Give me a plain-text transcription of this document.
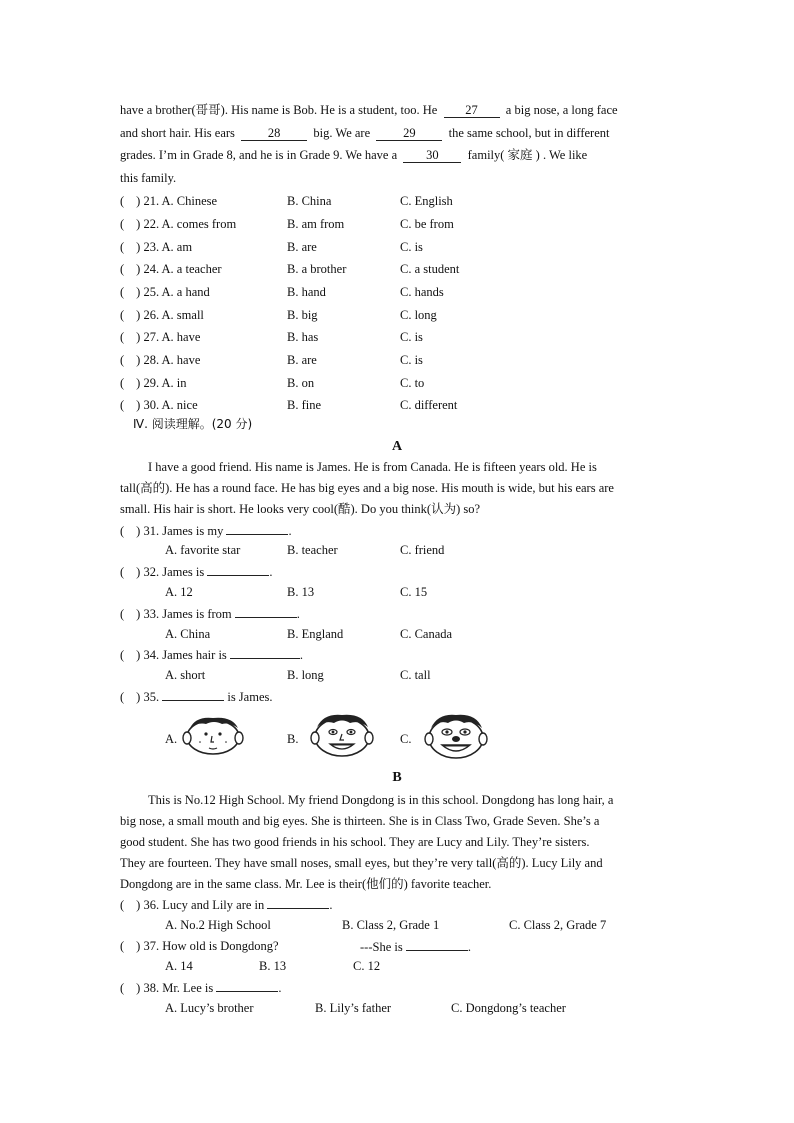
have a brother(哥哥). His name is Bob. He is a student, too. He 27 a big nose, a long face

and short hair. His ears	28	big. We are	29	the same school, but in different

grades. I’m in Grade 8, and he is in Grade 9. We have a 30 family( 家庭 ) . We like

this family.

( ) 21. A. Chinese	B. China	C. English
( ) 22. A. comes from	B. am from	C. be from
( ) 23. A. am	B. are	C. is
( ) 24. A. a teacher	B. a brother	C. a student
( ) 25. A. a hand	B. hand	C. hands
( ) 26. A. small	B. big	C. long
( ) 27. A. have	B. has	C. is
( ) 28. A. have	B. are	C. is
( ) 29. A. in	B. on	C. to
( ) 30. A. nice	B. fine	C. different
Ⅳ. 阅读理解。(20 分)
A

I have a good friend. His name is James. He is from Canada. He is fifteen years old. He is

tall(高的). He has a round face. He has big eyes and a big nose. His mouth is wide, but his ears are

small. His hair is short. He looks very cool(酷). Do you think(认为) so?

( ) 31. James is my	.
A. favorite star	B. teacher	C. friend
( ) 32. James is	.
A. 12	B. 13	C. 15
( ) 33. James is from	.
A. China	B. England	C. Canada
( ) 34. James hair is	.
A. short	B. long	C. tall
( ) 35.	is James.
A.	B.	C.
B

This is No.12 High School. My friend Dongdong is in this school. Dongdong has long hair, a

big nose, a small mouth and big eyes. She is thirteen. She is in Class Two, Grade Seven. She’s a

good student. She has two good friends in his school. They are Lucy and Lily. They’re sisters.

They are fourteen. They have small noses, small eyes, but they’re very tall(高的). Lucy Lily and

Dongdong are in the same class. Mr. Lee is their(他们的) favorite teacher.

( ) 36. Lucy and Lily are in	.
A. No.2 High School	B. Class 2, Grade 1	C. Class 2, Grade 7
( ) 37. How old is Dongdong?	---She is	.
A. 14	B. 13	C. 12
( ) 38. Mr. Lee is	.
A. Lucy’s brother	B. Lily’s father	C. Dongdong’s teacher
